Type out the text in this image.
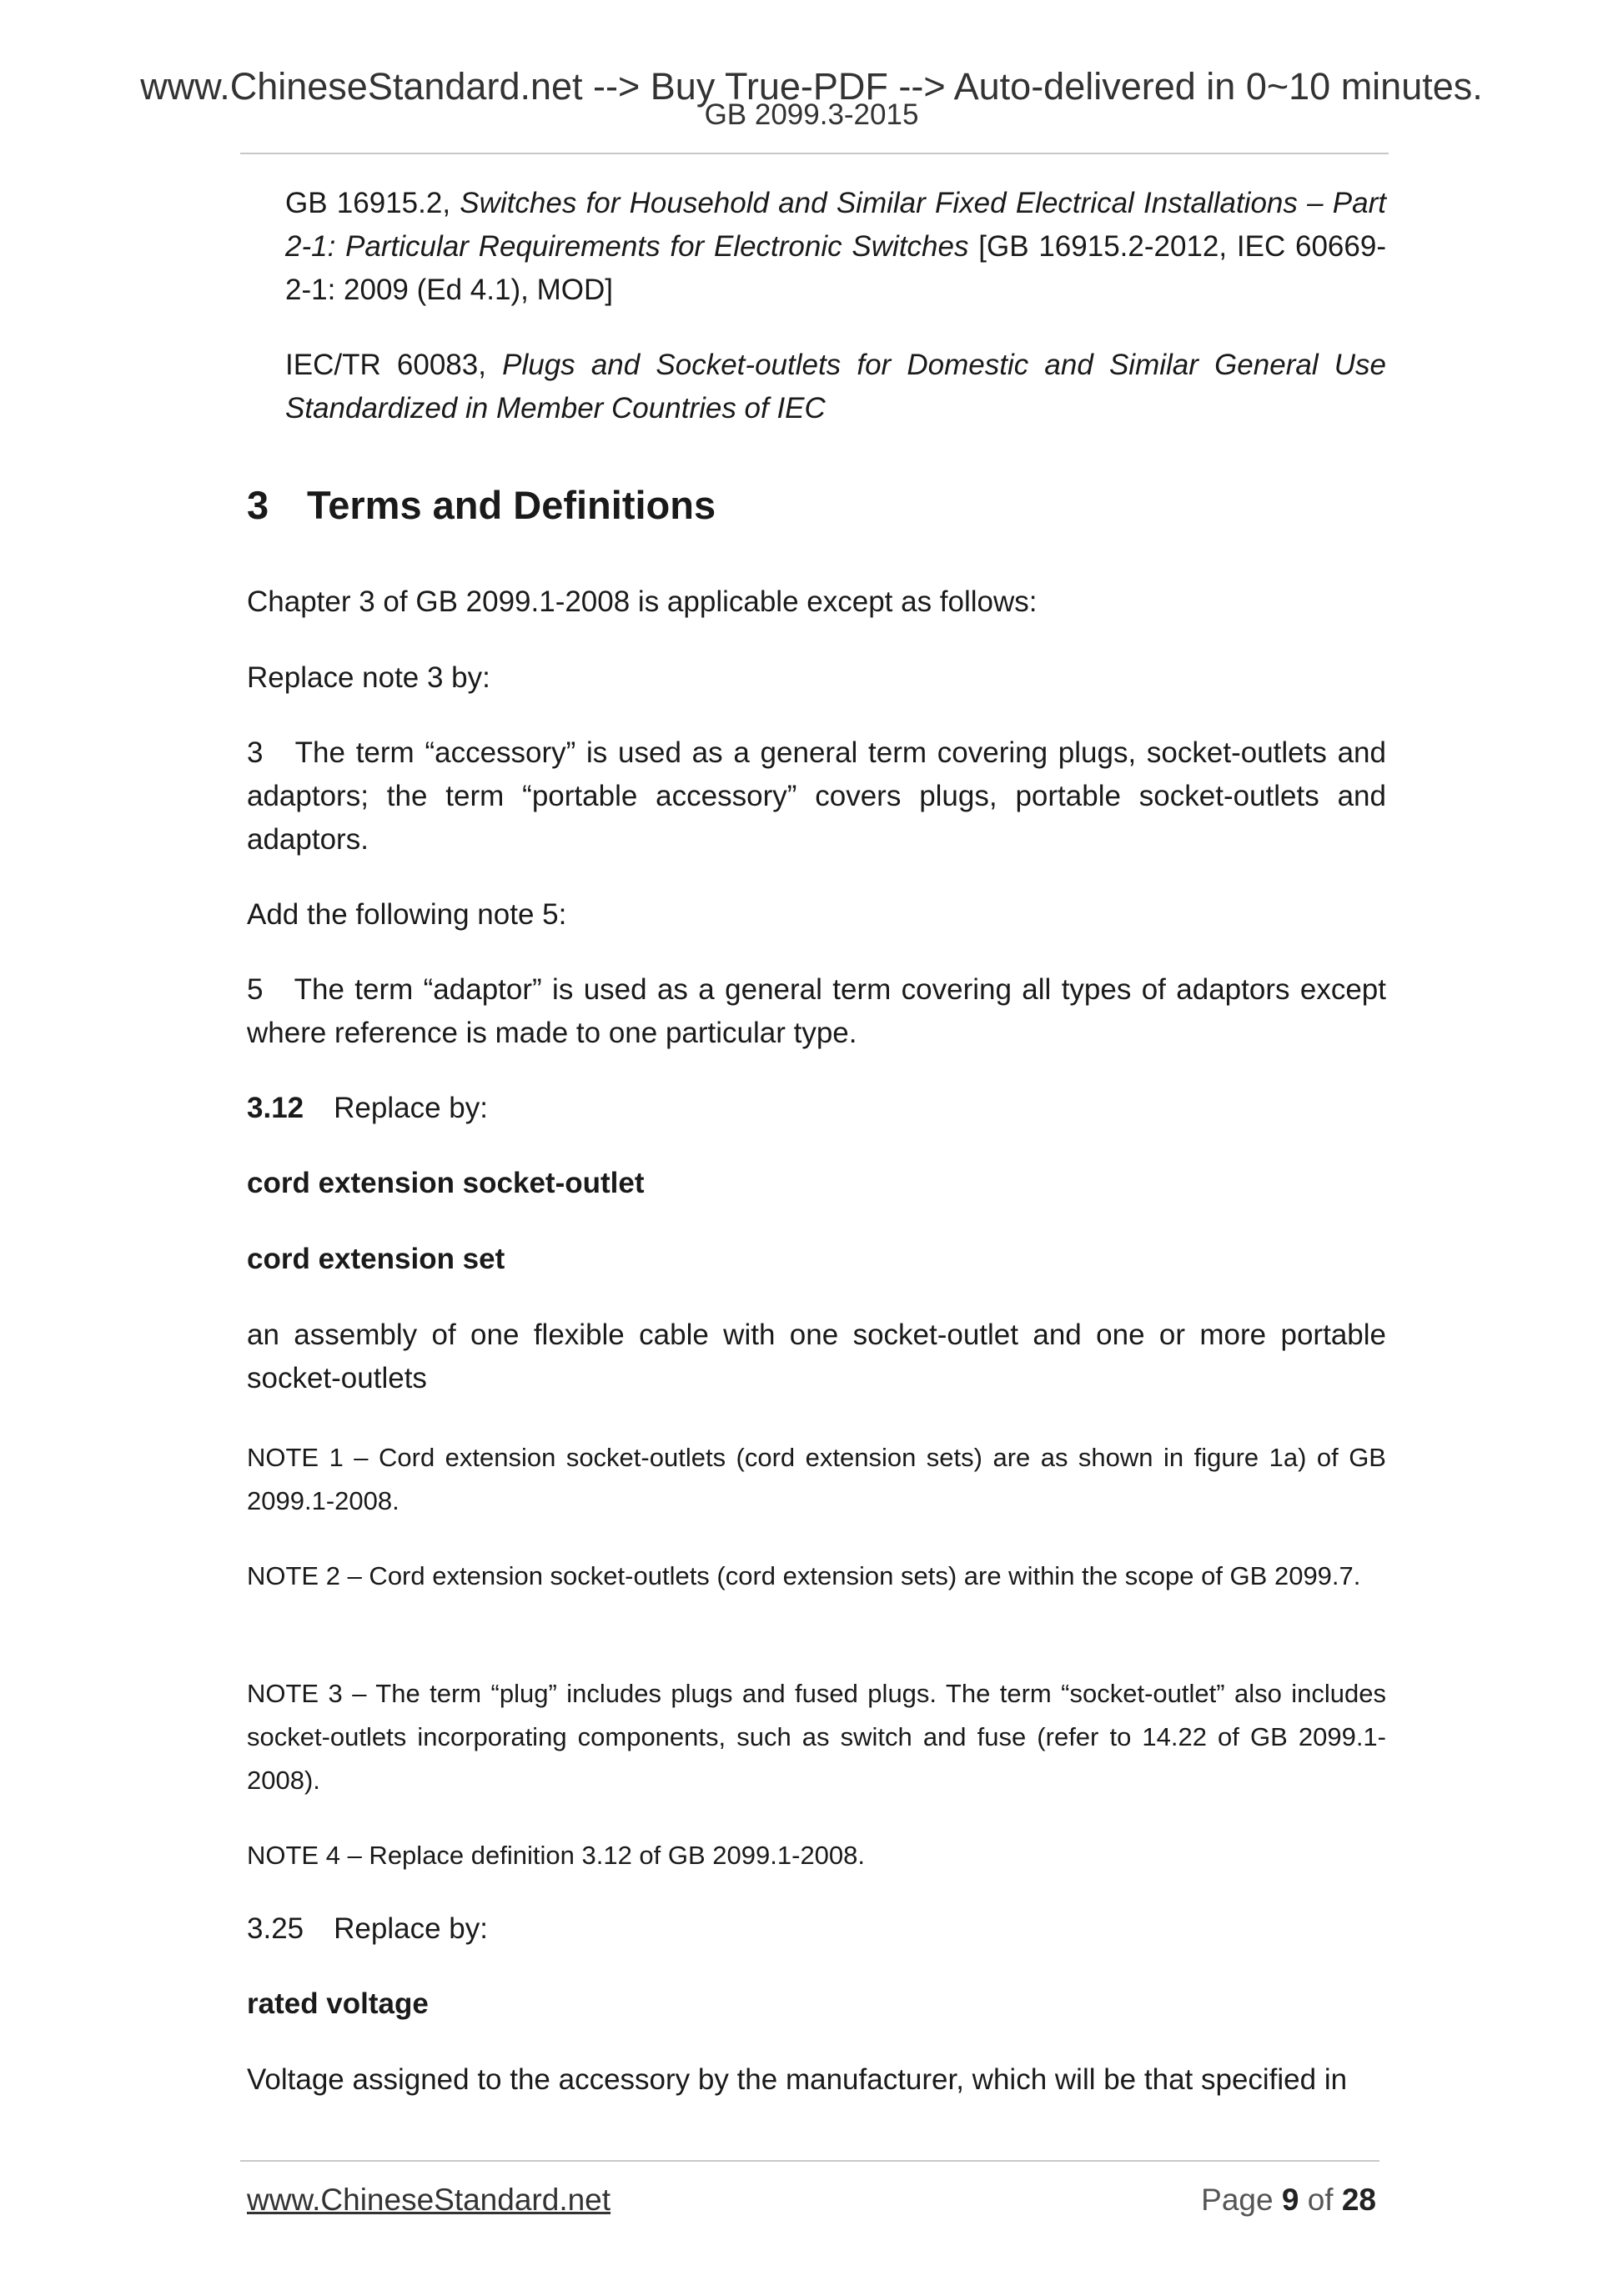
www.ChineseStandard.net --> Buy True-PDF --> Auto-delivered in 0~10 minutes.
GB 2099.3-2015

GB 16915.2, Switches for Household and Similar Fixed Electrical Installations – Part 2-1: Particular Requirements for Electronic Switches [GB 16915.2-2012, IEC 60669-2-1: 2009 (Ed 4.1), MOD]

IEC/TR 60083, Plugs and Socket-outlets for Domestic and Similar General Use Standardized in Member Countries of IEC

3 Terms and Definitions

Chapter 3 of GB 2099.1-2008 is applicable except as follows:

Replace note 3 by:

3 The term “accessory” is used as a general term covering plugs, socket-outlets and adaptors; the term “portable accessory” covers plugs, portable socket-outlets and adaptors.

Add the following note 5:

5 The term “adaptor” is used as a general term covering all types of adaptors except where reference is made to one particular type.

3.12 Replace by:

cord extension socket-outlet

cord extension set

an assembly of one flexible cable with one socket-outlet and one or more portable socket-outlets

NOTE 1 – Cord extension socket-outlets (cord extension sets) are as shown in figure 1a) of GB 2099.1-2008.

NOTE 2 – Cord extension socket-outlets (cord extension sets) are within the scope of GB 2099.7.

NOTE 3 – The term “plug” includes plugs and fused plugs. The term “socket-outlet” also includes socket-outlets incorporating components, such as switch and fuse (refer to 14.22 of GB 2099.1-2008).

NOTE 4 – Replace definition 3.12 of GB 2099.1-2008.

3.25 Replace by:

rated voltage

Voltage assigned to the accessory by the manufacturer, which will be that specified in

www.ChineseStandard.net	Page 9 of 28
